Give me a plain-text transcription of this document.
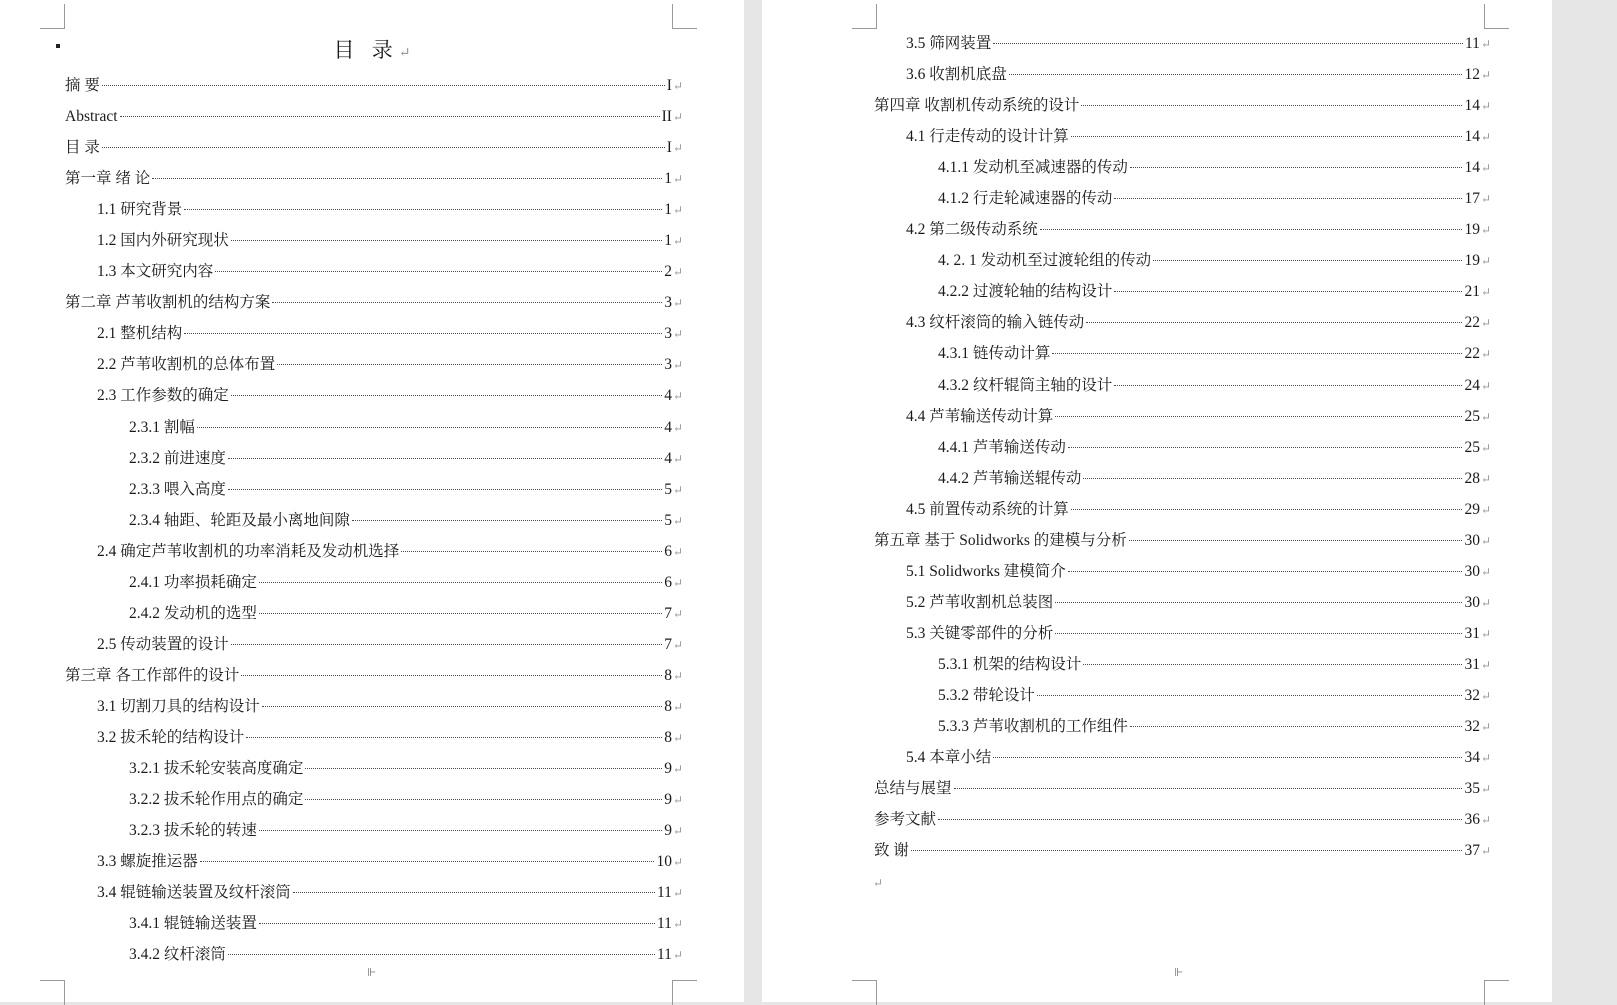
目 录↵
摘 要	I ↵
Abstract	II ↵
目 录	I ↵
第一章 绪 论	1 ↵
1.1 研究背景	1 ↵
1.2 国内外研究现状	1 ↵
1.3 本文研究内容	2 ↵
第二章 芦苇收割机的结构方案	3 ↵
2.1 整机结构	3 ↵
2.2 芦苇收割机的总体布置	3 ↵
2.3 工作参数的确定	4 ↵
2.3.1 割幅	4 ↵
2.3.2 前进速度	4 ↵
2.3.3 喂入高度	5 ↵
2.3.4 轴距、轮距及最小离地间隙	5 ↵
2.4 确定芦苇收割机的功率消耗及发动机选择	6 ↵
2.4.1 功率损耗确定	6 ↵
2.4.2 发动机的选型	7 ↵
2.5 传动装置的设计	7 ↵
第三章 各工作部件的设计	8 ↵
3.1 切割刀具的结构设计	8 ↵
3.2 拔禾轮的结构设计	8 ↵
3.2.1 拔禾轮安装高度确定	9 ↵
3.2.2 拔禾轮作用点的确定	9 ↵
3.2.3 拔禾轮的转速	9 ↵
3.3 螺旋推运器	10 ↵
3.4 辊链输送装置及纹杆滚筒	11 ↵
3.4.1 辊链输送装置	11 ↵
3.4.2 纹杆滚筒	11 ↵
⊩
3.5 筛网装置	11 ↵
3.6 收割机底盘	12 ↵
第四章 收割机传动系统的设计	14 ↵
4.1 行走传动的设计计算	14 ↵
4.1.1 发动机至减速器的传动	14 ↵
4.1.2 行走轮减速器的传动	17 ↵
4.2 第二级传动系统	19 ↵
4. 2. 1 发动机至过渡轮组的传动	19 ↵
4.2.2 过渡轮轴的结构设计	21 ↵
4.3 纹杆滚筒的输入链传动	22 ↵
4.3.1 链传动计算	22 ↵
4.3.2 纹杆辊筒主轴的设计	24 ↵
4.4 芦苇输送传动计算	25 ↵
4.4.1 芦苇输送传动	25 ↵
4.4.2 芦苇输送辊传动	28 ↵
4.5 前置传动系统的计算	29 ↵
第五章 基于 Solidworks 的建模与分析	30 ↵
5.1 Solidworks 建模简介	30 ↵
5.2 芦苇收割机总装图	30 ↵
5.3 关键零部件的分析	31 ↵
5.3.1 机架的结构设计	31 ↵
5.3.2 带轮设计	32 ↵
5.3.3 芦苇收割机的工作组件	32 ↵
5.4 本章小结	34 ↵
总结与展望	35 ↵
参考文献	36 ↵
致 谢	37 ↵
⊩
↵
